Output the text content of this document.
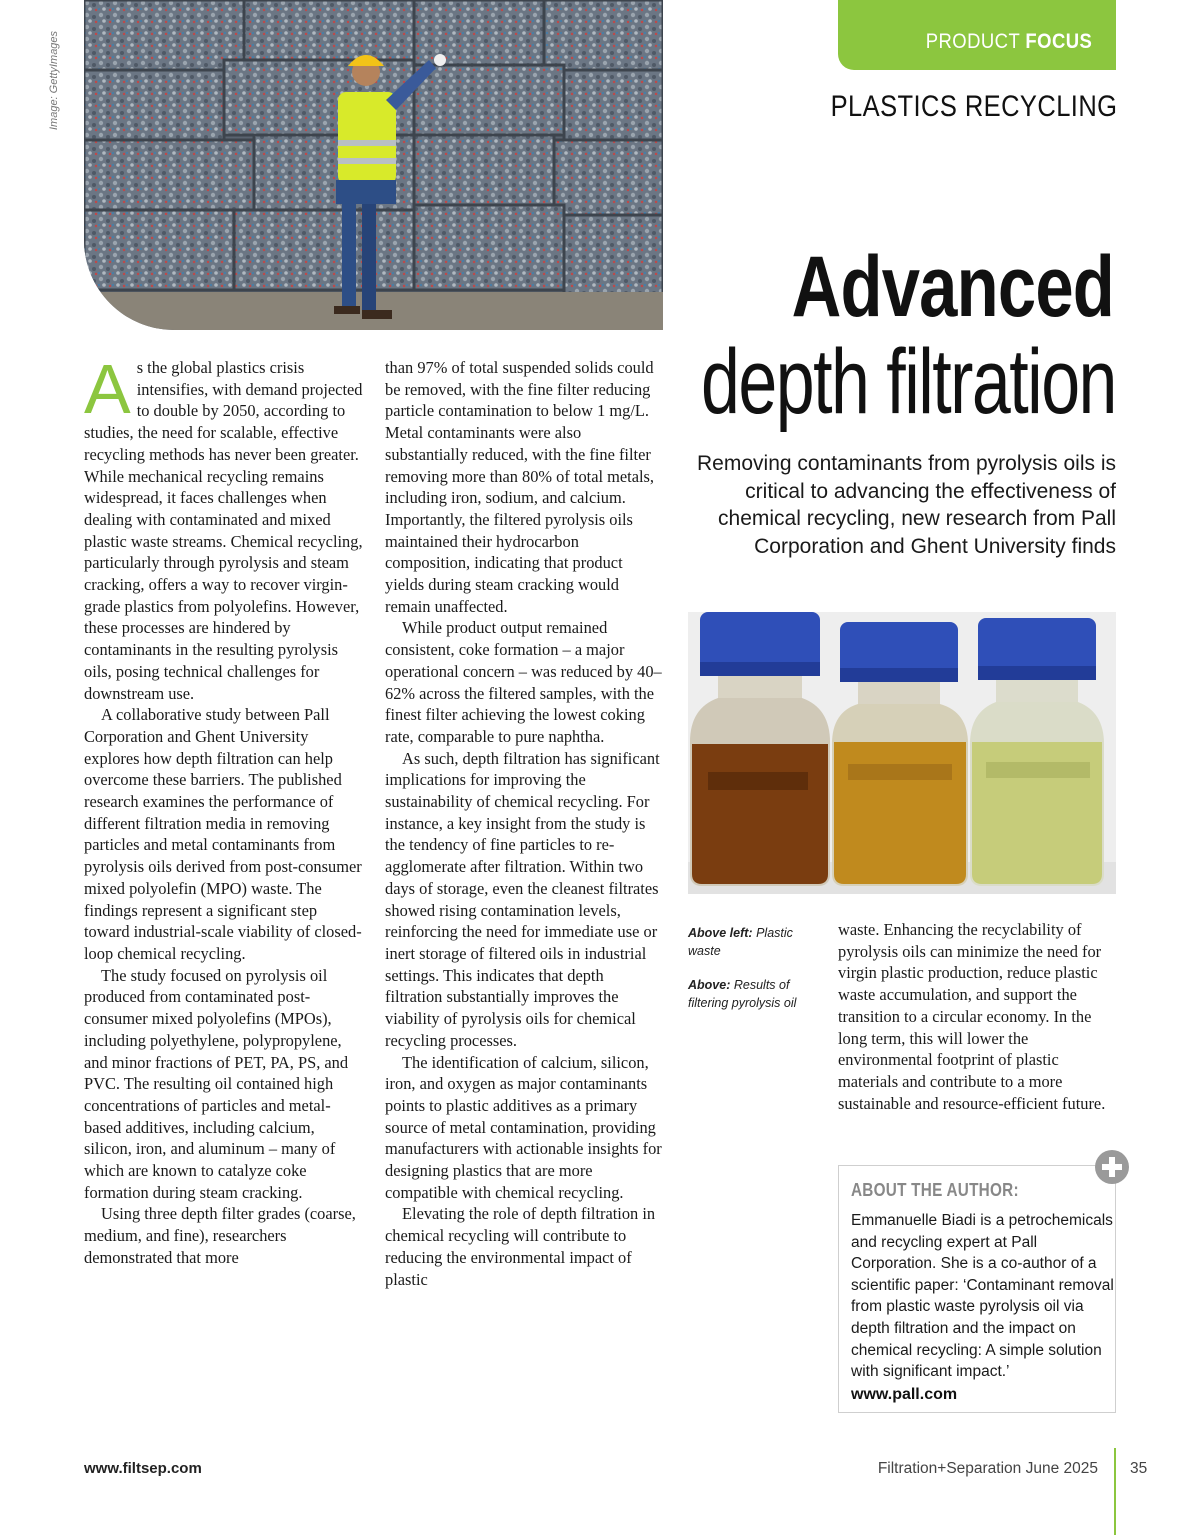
PRODUCT FOCUS
PLASTICS RECYCLING
Image: GettyImages
Advanced
depth filtration
Removing contaminants from pyrolysis oils is critical to advancing the effectiveness of chemical recycling, new research from Pall Corporation and Ghent University finds

Above left: Plastic waste

Above: Results of filtering pyrolysis oil

As the global plastics crisis intensifies, with demand projected to double by 2050, according to studies, the need for scalable, effective recycling methods has never been greater. While mechanical recycling remains widespread, it faces challenges when dealing with contaminated and mixed plastic waste streams. Chemical recycling, particularly through pyrolysis and steam cracking, offers a way to recover virgin-grade plastics from polyolefins. However, these processes are hindered by contaminants in the resulting pyrolysis oils, posing technical challenges for downstream use.

A collaborative study between Pall Corporation and Ghent University explores how depth filtration can help overcome these barriers. The published research examines the performance of different filtration media in removing particles and metal contaminants from pyrolysis oils derived from post-consumer mixed polyolefin (MPO) waste. The findings represent a significant step toward industrial-scale viability of closed-loop chemical recycling.

The study focused on pyrolysis oil produced from contaminated post-consumer mixed polyolefins (MPOs), including polyethylene, polypropylene, and minor fractions of PET, PA, PS, and PVC. The resulting oil contained high concentrations of particles and metal-based additives, including calcium, silicon, iron, and aluminum – many of which are known to catalyze coke formation during steam cracking.

Using three depth filter grades (coarse, medium, and fine), researchers demonstrated that more

than 97% of total suspended solids could be removed, with the fine filter reducing particle contamination to below 1 mg/L. Metal contaminants were also substantially reduced, with the fine filter removing more than 80% of total metals, including iron, sodium, and calcium. Importantly, the filtered pyrolysis oils maintained their hydrocarbon composition, indicating that product yields during steam cracking would remain unaffected.

While product output remained consistent, coke formation – a major operational concern – was reduced by 40–62% across the filtered samples, with the finest filter achieving the lowest coking rate, comparable to pure naphtha.

As such, depth filtration has significant implications for improving the sustainability of chemical recycling. For instance, a key insight from the study is the tendency of fine particles to re-agglomerate after filtration. Within two days of storage, even the cleanest filtrates showed rising contamination levels, reinforcing the need for immediate use or inert storage of filtered oils in industrial settings. This indicates that depth filtration substantially improves the viability of pyrolysis oils for chemical recycling processes.

The identification of calcium, silicon, iron, and oxygen as major contaminants points to plastic additives as a primary source of metal contamination, providing manufacturers with actionable insights for designing plastics that are more compatible with chemical recycling.

Elevating the role of depth filtration in chemical recycling will contribute to reducing the environmental impact of plastic

waste. Enhancing the recyclability of pyrolysis oils can minimize the need for virgin plastic production, reduce plastic waste accumulation, and support the transition to a circular economy. In the long term, this will lower the environmental footprint of plastic materials and contribute to a more sustainable and resource-efficient future.

ABOUT THE AUTHOR:
Emmanuelle Biadi is a petrochemicals and recycling expert at Pall Corporation. She is a co-author of a scientific paper: ‘Contaminant removal from plastic waste pyrolysis oil via depth filtration and the impact on chemical recycling: A simple solution with significant impact.’
www.pall.com
www.filtsep.com	Filtration+Separation June 2025 35
